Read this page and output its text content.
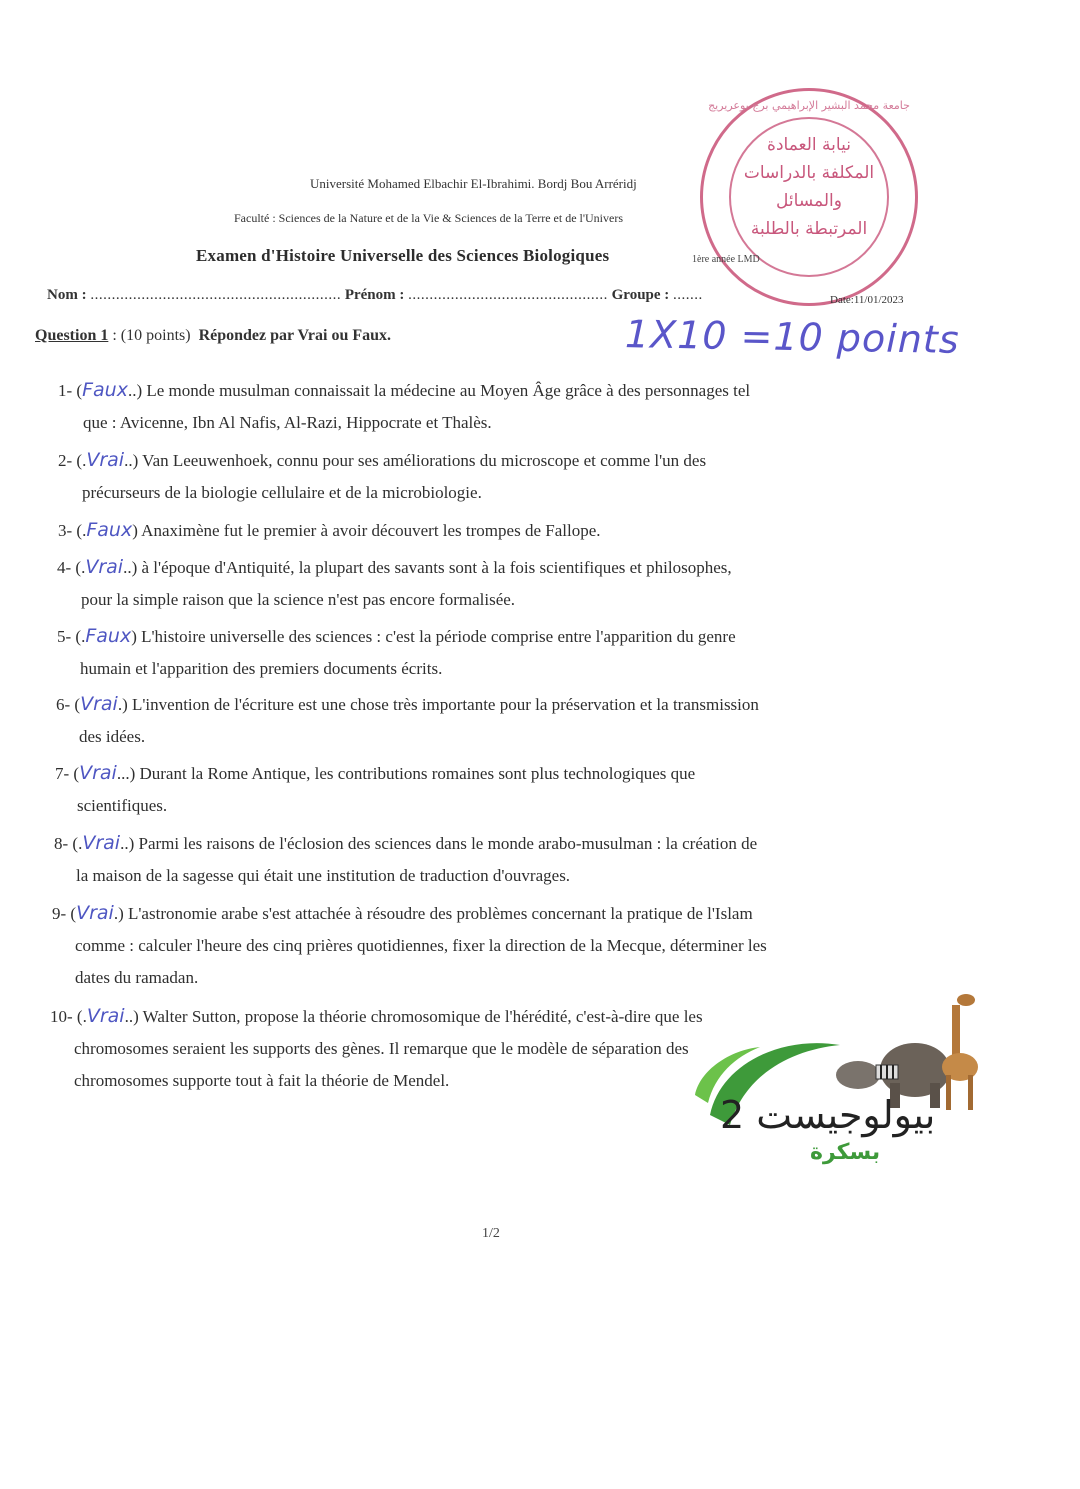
جامعة محمد البشير الإبراهيمي برج بوعريريج
نيابة العمادة
المكلفة بالدراسات
والمسائل
المرتبطة بالطلبة
Université Mohamed Elbachir El-Ibrahimi. Bordj Bou Arréridj
Faculté : Sciences de la Nature et de la Vie & Sciences de la Terre et de l'Univers
Examen d'Histoire Universelle des Sciences Biologiques	1ère année LMD
Nom : ........................................................... Prénom : ............................................... Groupe : .......	Date:11/01/2023
Question 1 : (10 points) Répondez par Vrai ou Faux.	1X10 =10 points
1- (Faux..) Le monde musulman connaissait la médecine au Moyen Âge grâce à des personnages tel
que : Avicenne, Ibn Al Nafis, Al-Razi, Hippocrate et Thalès.
2- (.Vrai..) Van Leeuwenhoek, connu pour ses améliorations du microscope et comme l'un des
précurseurs de la biologie cellulaire et de la microbiologie.
3- (.Faux) Anaximène fut le premier à avoir découvert les trompes de Fallope.
4- (.Vrai..) à l'époque d'Antiquité, la plupart des savants sont à la fois scientifiques et philosophes,
pour la simple raison que la science n'est pas encore formalisée.
5- (.Faux) L'histoire universelle des sciences : c'est la période comprise entre l'apparition du genre
humain et l'apparition des premiers documents écrits.
6- (Vrai.) L'invention de l'écriture est une chose très importante pour la préservation et la transmission
des idées.
7- (Vrai...) Durant la Rome Antique, les contributions romaines sont plus technologiques que
scientifiques.
8- (.Vrai..) Parmi les raisons de l'éclosion des sciences dans le monde arabo-musulman : la création de
la maison de la sagesse qui était une institution de traduction d'ouvrages.
9- (Vrai.) L'astronomie arabe s'est attachée à résoudre des problèmes concernant la pratique de l'Islam
comme : calculer l'heure des cinq prières quotidiennes, fixer la direction de la Mecque, déterminer les
dates du ramadan.
10- (.Vrai..) Walter Sutton, propose la théorie chromosomique de l'hérédité, c'est-à-dire que les
chromosomes seraient les supports des gènes. Il remarque que le modèle de séparation des
chromosomes supporte tout à fait la théorie de Mendel.
بيولوجيست 2
بسكرة
1/2
